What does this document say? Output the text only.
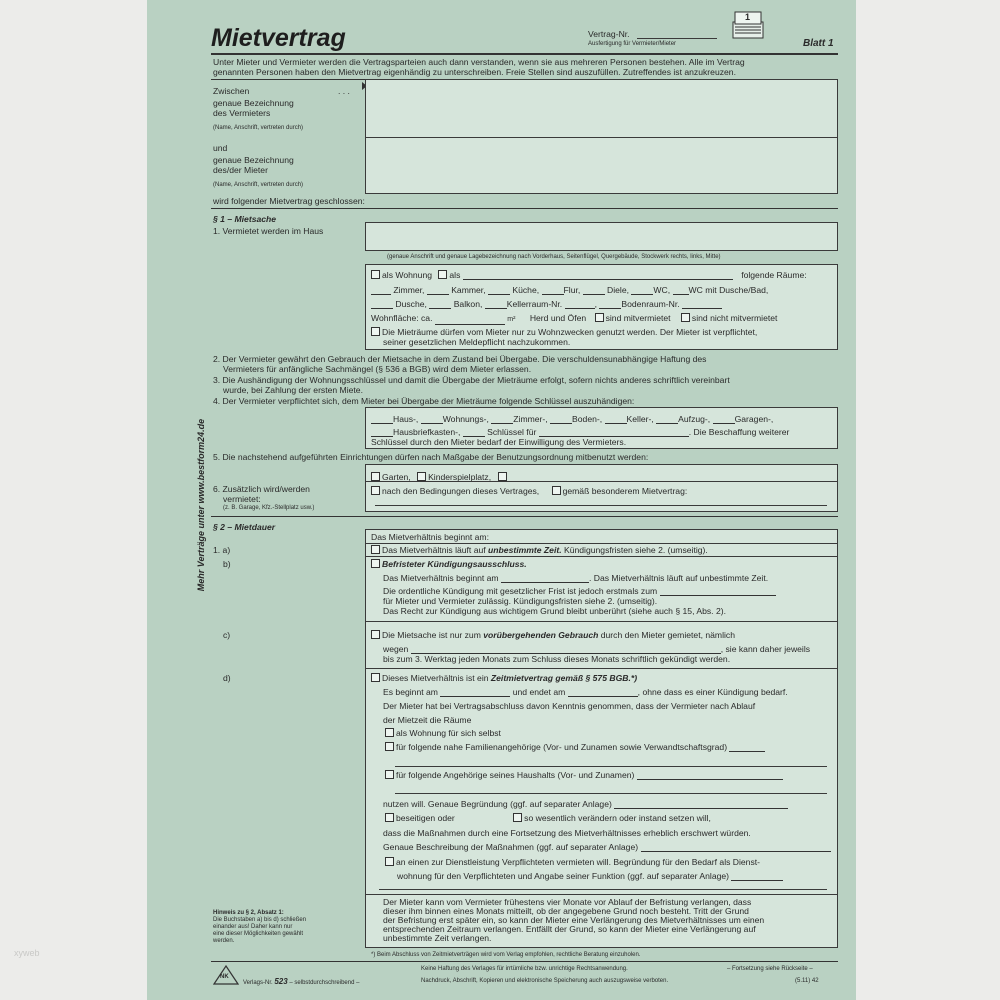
xyweb
Mietvertrag	Vertrag-Nr.
Ausfertigung für Vermieter/Mieter	Blatt 1
1
Unter Mieter und Vermieter werden die Vertragsparteien auch dann verstanden, wenn sie aus mehreren Personen bestehen. Alle im Vertrag
genannten Personen haben den Mietvertrag eigenhändig zu unterschreiben. Freie Stellen sind auszufüllen. Zutreffendes ist anzukreuzen.
Zwischen	. . .
genaue Bezeichnung
des Vermieters
(Name, Anschrift, vertreten durch)
und
genaue Bezeichnung
des/der Mieter
(Name, Anschrift, vertreten durch)
wird folgender Mietvertrag geschlossen:
§ 1 – Mietsache
1. Vermietet werden im Haus
(genaue Anschrift und genaue Lagebezeichnung nach Vorderhaus, Seitenflügel, Quergebäude, Stockwerk rechts, links, Mitte)
als Wohnung als	folgende Räume:
Zimmer,	Kammer,	Küche,	Flur,	Diele,	WC, WC mit Dusche/Bad,
Dusche,	Balkon,	Kellerraum-Nr.	,	Bodenraum-Nr.
Wohnfläche: ca.	m² Herd und Öfen sind mitvermietet sind nicht mitvermietet
Die Mieträume dürfen vom Mieter nur zu Wohnzwecken genutzt werden. Der Mieter ist verpflichtet,
seiner gesetzlichen Meldepflicht nachzukommen.
2. Der Vermieter gewährt den Gebrauch der Mietsache in dem Zustand bei Übergabe. Die verschuldensunabhängige Haftung des
Vermieters für anfängliche Sachmängel (§ 536 a BGB) wird dem Mieter erlassen.
3. Die Aushändigung der Wohnungsschlüssel und damit die Übergabe der Mieträume erfolgt, sofern nichts anderes schriftlich vereinbart
wurde, bei Zahlung der ersten Miete.
4. Der Vermieter verpflichtet sich, dem Mieter bei Übergabe der Mieträume folgende Schlüssel auszuhändigen:
Haus-,	Wohnungs-,	Zimmer-,	Boden-,	Keller-,	Aufzug-,	Garagen-,
Hausbriefkasten-,	Schlüssel für	. Die Beschaffung weiterer
Schlüssel durch den Mieter bedarf der Einwilligung des Vermieters.
5. Die nachstehend aufgeführten Einrichtungen dürfen nach Maßgabe der Benutzungsordnung mitbenutzt werden:
Garten, Kinderspielplatz,
6. Zusätzlich wird/werden
vermietet:
(z. B. Garage, Kfz.-Stellplatz usw.)
nach den Bedingungen dieses Vertrages,	gemäß besonderem Mietvertrag:
§ 2 – Mietdauer
Das Mietverhältnis beginnt am:
1. a)	Das Mietverhältnis läuft auf unbestimmte Zeit. Kündigungsfristen siehe 2. (umseitig).
b)	Befristeter Kündigungsausschluss.
Das Mietverhältnis beginnt am	. Das Mietverhältnis läuft auf unbestimmte Zeit.
Die ordentliche Kündigung mit gesetzlicher Frist ist jedoch erstmals zum
für Mieter und Vermieter zulässig. Kündigungsfristen siehe 2. (umseitig).
Das Recht zur Kündigung aus wichtigem Grund bleibt unberührt (siehe auch § 15, Abs. 2).
c)	Die Mietsache ist nur zum vorübergehenden Gebrauch durch den Mieter gemietet, nämlich
wegen	, sie kann daher jeweils
bis zum 3. Werktag jeden Monats zum Schluss dieses Monats schriftlich gekündigt werden.
d)	Dieses Mietverhältnis ist ein Zeitmietvertrag gemäß § 575 BGB.*)
Es beginnt am	und endet am	, ohne dass es einer Kündigung bedarf.
Der Mieter hat bei Vertragsabschluss davon Kenntnis genommen, dass der Vermieter nach Ablauf
der Mietzeit die Räume
als Wohnung für sich selbst
für folgende nahe Familienangehörige (Vor- und Zunamen sowie Verwandtschaftsgrad)
für folgende Angehörige seines Haushalts (Vor- und Zunamen)
nutzen will. Genaue Begründung (ggf. auf separater Anlage)
beseitigen oder	so wesentlich verändern oder instand setzen will,
dass die Maßnahmen durch eine Fortsetzung des Mietverhältnisses erheblich erschwert würden.
Genaue Beschreibung der Maßnahmen (ggf. auf separater Anlage)
an einen zur Dienstleistung Verpflichteten vermieten will. Begründung für den Bedarf als Dienst-
wohnung für den Verpflichteten und Angabe seiner Funktion (ggf. auf separater Anlage)
Der Mieter kann vom Vermieter frühestens vier Monate vor Ablauf der Befristung verlangen, dass
dieser ihm binnen eines Monats mitteilt, ob der angegebene Grund noch besteht. Tritt der Grund
der Befristung erst später ein, so kann der Mieter eine Verlängerung des Mietverhältnisses um einen
entsprechenden Zeitraum verlangen. Entfällt der Grund, so kann der Mieter eine Verlängerung auf
unbestimmte Zeit verlangen.
Hinweis zu § 2, Absatz 1:
Die Buchstaben a) bis d) schließen
einander aus! Daher kann nur
eine dieser Möglichkeiten gewählt
werden.
Mehr Verträge unter www.bestform24.de
*) Beim Abschluss von Zeitmietverträgen wird vom Verlag empfohlen, rechtliche Beratung einzuholen.
NK
Verlags-Nr. 523 – selbstdurchschreibend –
Keine Haftung des Verlages für irrtümliche bzw. unrichtige Rechtsanwendung.	– Fortsetzung siehe Rückseite –
Nachdruck, Abschrift, Kopieren und elektronische Speicherung auch auszugsweise verboten.	(5.11) 42
